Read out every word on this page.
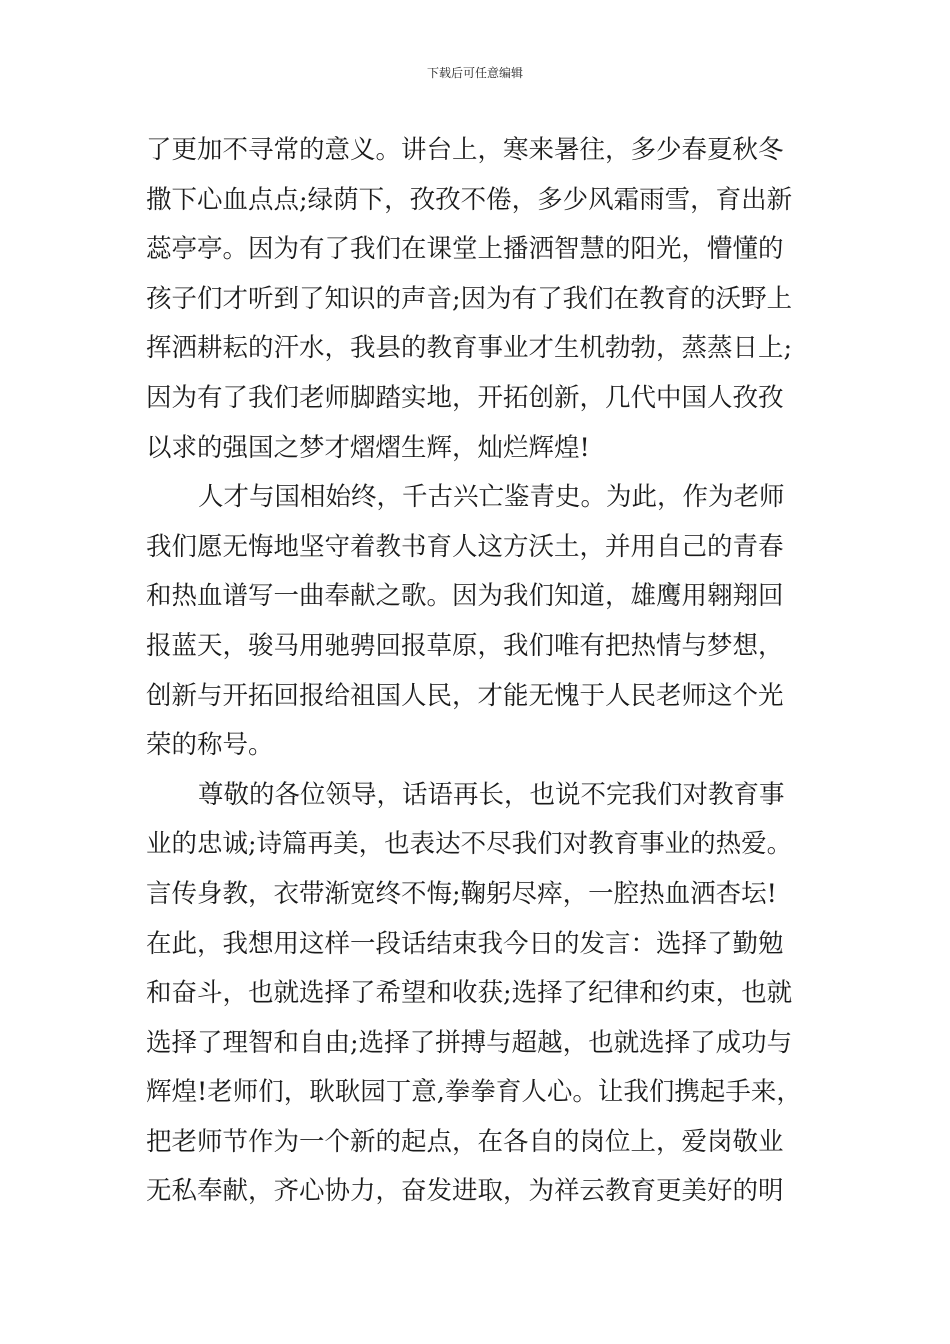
下载后可任意编辑
了更加不寻常的意义。讲台上，寒来暑往，多少春夏秋冬
撒下心血点点;绿荫下，孜孜不倦，多少风霜雨雪，育出新
蕊亭亭。因为有了我们在课堂上播洒智慧的阳光，懵懂的
孩子们才听到了知识的声音;因为有了我们在教育的沃野上
挥洒耕耘的汗水，我县的教育事业才生机勃勃，蒸蒸日上;
因为有了我们老师脚踏实地，开拓创新，几代中国人孜孜
以求的强国之梦才熠熠生辉，灿烂辉煌!
人才与国相始终，千古兴亡鉴青史。为此，作为老师
我们愿无悔地坚守着教书育人这方沃土，并用自己的青春
和热血谱写一曲奉献之歌。因为我们知道，雄鹰用翱翔回
报蓝天，骏马用驰骋回报草原，我们唯有把热情与梦想，
创新与开拓回报给祖国人民，才能无愧于人民老师这个光
荣的称号。
尊敬的各位领导，话语再长，也说不完我们对教育事
业的忠诚;诗篇再美，也表达不尽我们对教育事业的热爱。
言传身教，衣带渐宽终不悔;鞠躬尽瘁，一腔热血洒杏坛!
在此，我想用这样一段话结束我今日的发言：选择了勤勉
和奋斗，也就选择了希望和收获;选择了纪律和约束，也就
选择了理智和自由;选择了拼搏与超越，也就选择了成功与
辉煌!老师们，耿耿园丁意,拳拳育人心。让我们携起手来，
把老师节作为一个新的起点，在各自的岗位上，爱岗敬业
无私奉献，齐心协力，奋发进取，为祥云教育更美好的明
